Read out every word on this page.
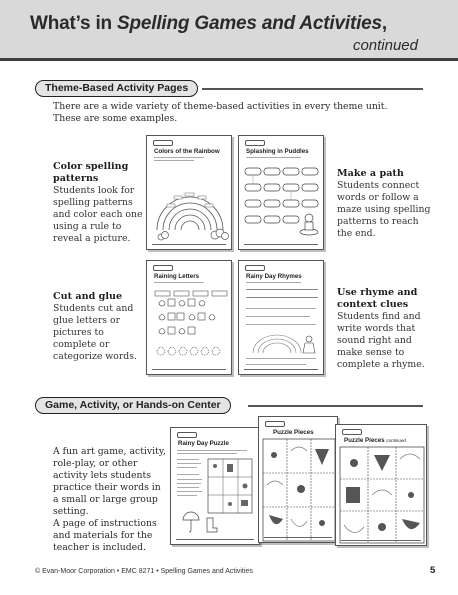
What’s in Spelling Games and Activities,
continued
Theme-Based Activity Pages
There are a wide variety of theme-based activities in every theme unit. These are some examples.
Color spelling patterns
Students look for spelling patterns and color each one using a rule to reveal a picture.
Make a path
Students connect words or follow a maze using spelling patterns to reach the end.
Cut and glue
Students cut and glue letters or pictures to complete or categorize words.
Use rhyme and context clues
Students find and write words that sound right and make sense to complete a rhyme.
Colors of the Rainbow	Splashing in Puddles
Raining Letters	Rainy Day Rhymes
Game, Activity, or Hands-on Center
A fun art game, activity, role-play, or other activity lets students practice their words in a small or large group setting.
A page of instructions and materials for the teacher is included.
Rainy Day Puzzle
Puzzle Pieces
Puzzle Pieces continued
© Evan-Moor Corporation • EMC 8271 • Spelling Games and Activities	5
